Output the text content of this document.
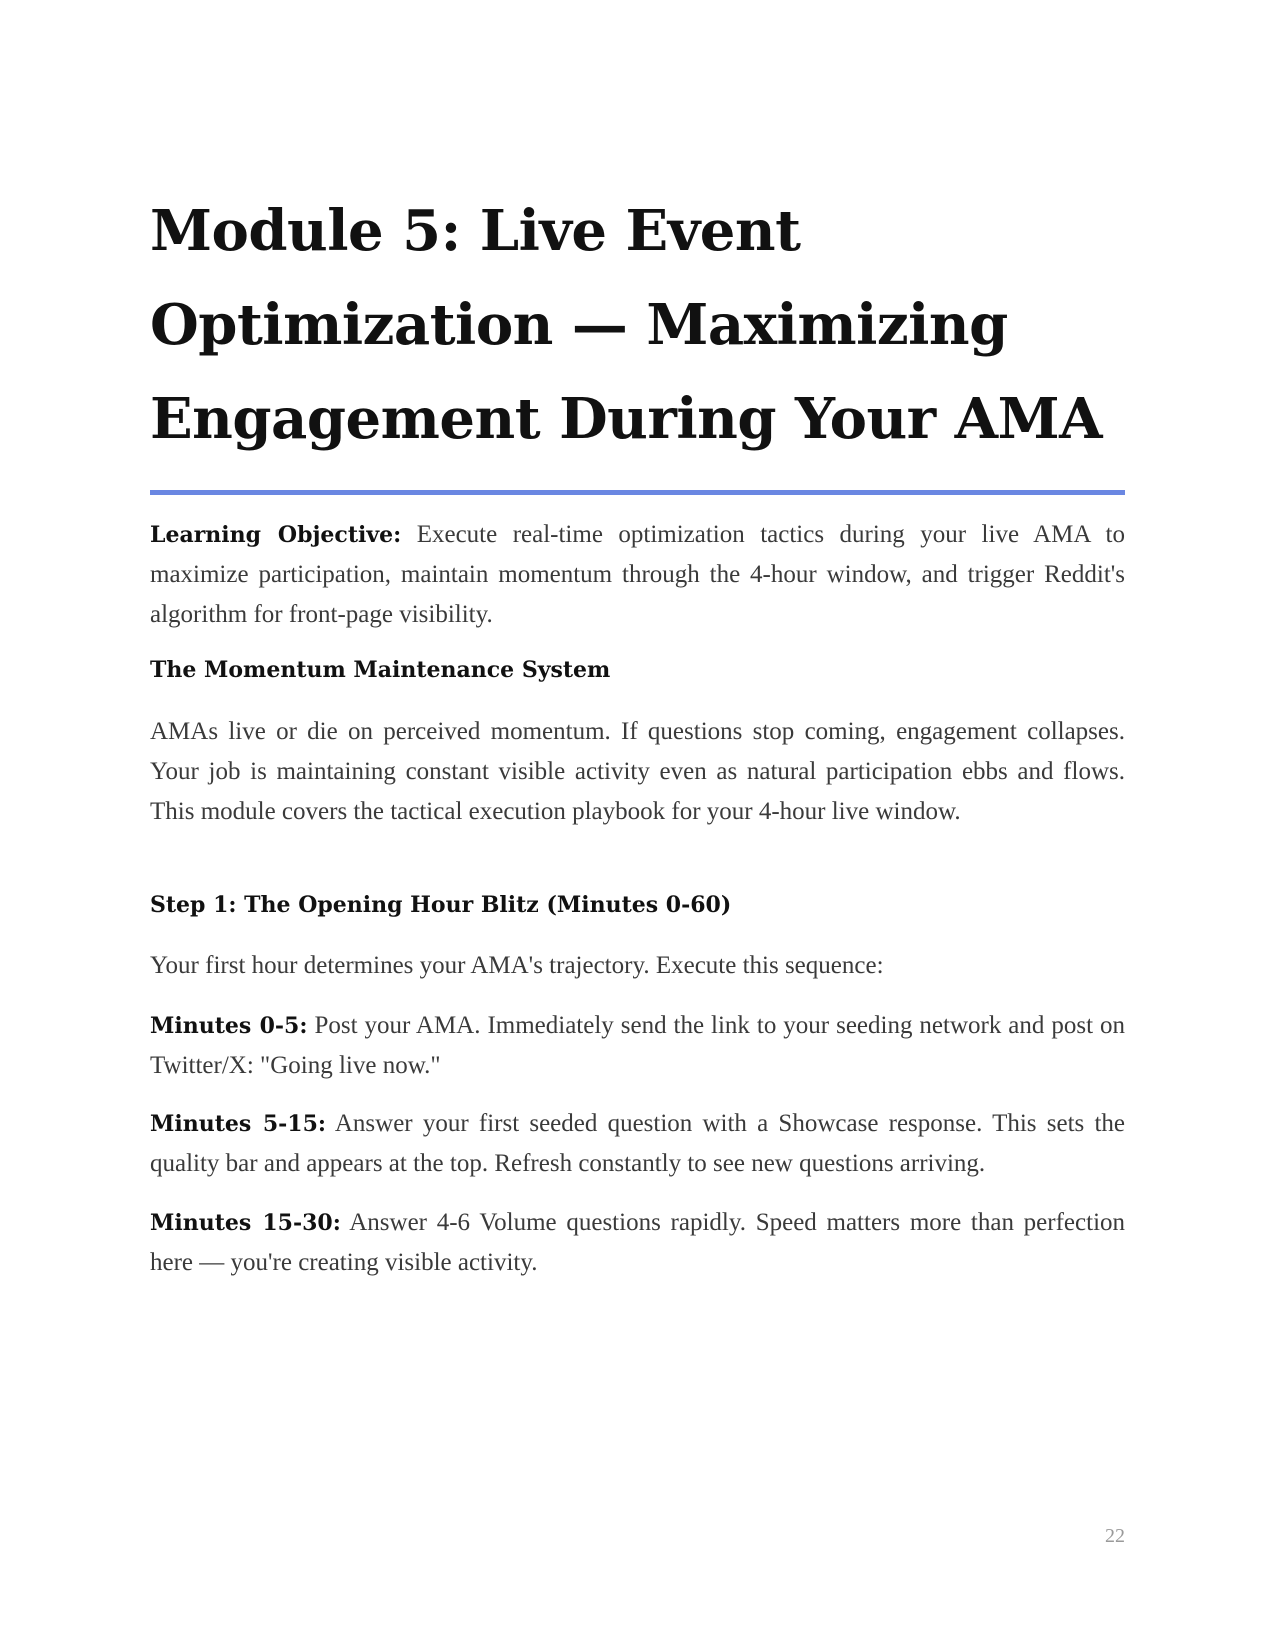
Module 5: Live Event Optimization — Maximizing Engagement During Your AMA

Learning Objective: Execute real-time optimization tactics during your live AMA to maximize participation, maintain momentum through the 4-hour window, and trigger Reddit's algorithm for front-page visibility.

The Momentum Maintenance System

AMAs live or die on perceived momentum. If questions stop coming, engagement collapses. Your job is maintaining constant visible activity even as natural participation ebbs and flows. This module covers the tactical execution playbook for your 4-hour live window.

Step 1: The Opening Hour Blitz (Minutes 0-60)

Your first hour determines your AMA's trajectory. Execute this sequence:

Minutes 0-5: Post your AMA. Immediately send the link to your seeding network and post on Twitter/X: "Going live now."

Minutes 5-15: Answer your first seeded question with a Showcase response. This sets the quality bar and appears at the top. Refresh constantly to see new questions arriving.

Minutes 15-30: Answer 4-6 Volume questions rapidly. Speed matters more than perfection here — you're creating visible activity.

22
